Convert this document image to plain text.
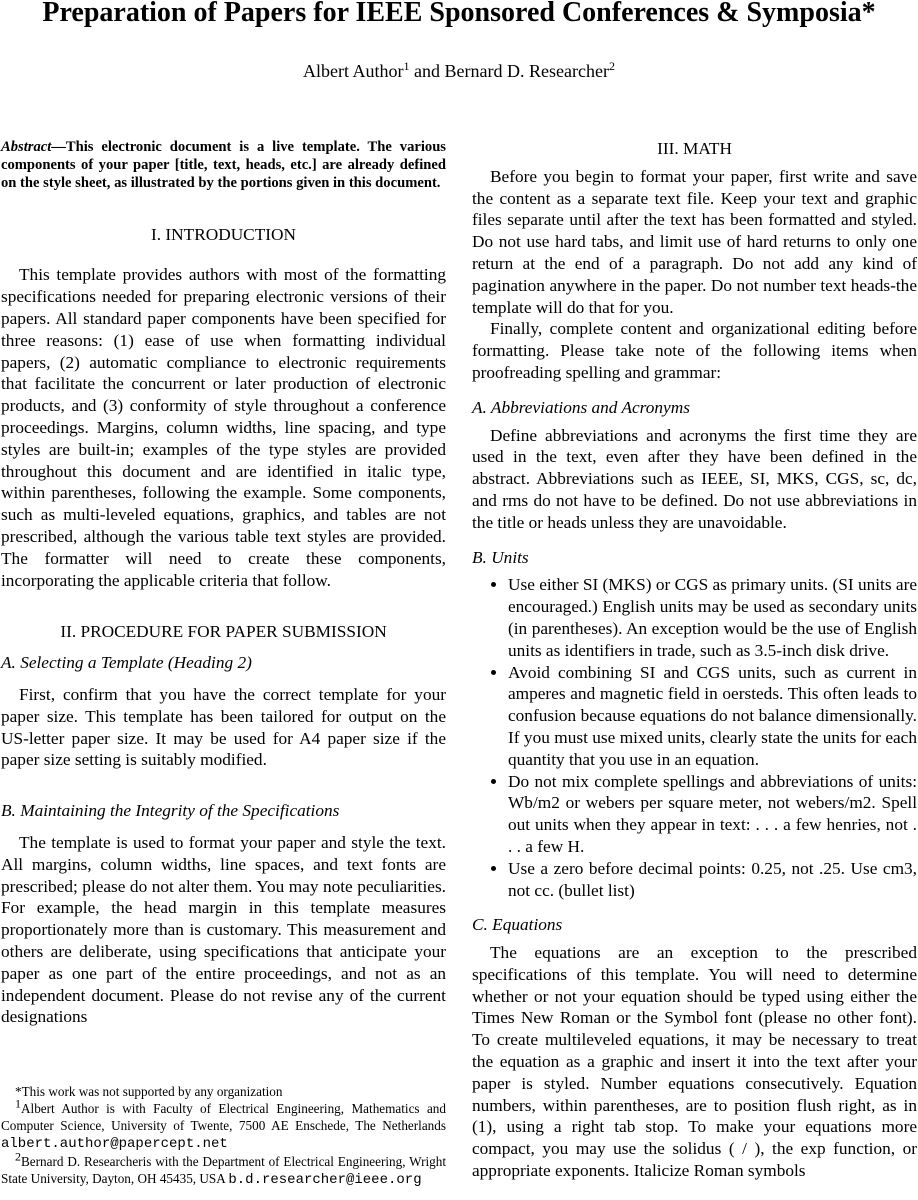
Preparation of Papers for IEEE Sponsored Conferences & Symposia*
Albert Author$^1$ and Bernard D. Researcher$^2$

Abstract—This electronic document is a live template. The various components of your paper [title, text, heads, etc.] are already defined on the style sheet, as illustrated by the portions given in this document.

I. INTRODUCTION

This template provides authors with most of the formatting specifications needed for preparing electronic versions of their papers. All standard paper components have been specified for three reasons: (1) ease of use when formatting individual papers, (2) automatic compliance to electronic requirements that facilitate the concurrent or later production of electronic products, and (3) conformity of style throughout a conference proceedings. Margins, column widths, line spacing, and type styles are built-in; examples of the type styles are provided throughout this document and are identified in italic type, within parentheses, following the example. Some components, such as multi-leveled equations, graphics, and tables are not prescribed, although the various table text styles are provided. The formatter will need to create these components, incorporating the applicable criteria that follow.

II. PROCEDURE FOR PAPER SUBMISSION
A. Selecting a Template (Heading 2)

First, confirm that you have the correct template for your paper size. This template has been tailored for output on the US-letter paper size. It may be used for A4 paper size if the paper size setting is suitably modified.

B. Maintaining the Integrity of the Specifications

The template is used to format your paper and style the text. All margins, column widths, line spaces, and text fonts are prescribed; please do not alter them. You may note peculiarities. For example, the head margin in this template measures proportionately more than is customary. This measurement and others are deliberate, using specifications that anticipate your paper as one part of the entire proceedings, and not as an independent document. Please do not revise any of the current designations

*This work was not supported by any organization

$^1$Albert Author is with Faculty of Electrical Engineering, Mathematics and Computer Science, University of Twente, 7500 AE Enschede, The Netherlands albert.author@papercept.net

$^2$Bernard D. Researcheris with the Department of Electrical Engineering, Wright State University, Dayton, OH 45435, USA b.d.researcher@ieee.org

III. MATH

Before you begin to format your paper, first write and save the content as a separate text file. Keep your text and graphic files separate until after the text has been formatted and styled. Do not use hard tabs, and limit use of hard returns to only one return at the end of a paragraph. Do not add any kind of pagination anywhere in the paper. Do not number text heads-the template will do that for you.

Finally, complete content and organizational editing before formatting. Please take note of the following items when proofreading spelling and grammar:

A. Abbreviations and Acronyms

Define abbreviations and acronyms the first time they are used in the text, even after they have been defined in the abstract. Abbreviations such as IEEE, SI, MKS, CGS, sc, dc, and rms do not have to be defined. Do not use abbreviations in the title or heads unless they are unavoidable.

B. Units
• Use either SI (MKS) or CGS as primary units. (SI units are encouraged.) English units may be used as secondary units (in parentheses). An exception would be the use of English units as identifiers in trade, such as 3.5-inch disk drive.
• Avoid combining SI and CGS units, such as current in amperes and magnetic field in oersteds. This often leads to confusion because equations do not balance dimensionally. If you must use mixed units, clearly state the units for each quantity that you use in an equation.
• Do not mix complete spellings and abbreviations of units: Wb/m2 or webers per square meter, not webers/m2. Spell out units when they appear in text: . . . a few henries, not . . . a few H.
• Use a zero before decimal points: 0.25, not .25. Use cm3, not cc. (bullet list)
C. Equations

The equations are an exception to the prescribed specifications of this template. You will need to determine whether or not your equation should be typed using either the Times New Roman or the Symbol font (please no other font). To create multileveled equations, it may be necessary to treat the equation as a graphic and insert it into the text after your paper is styled. Number equations consecutively. Equation numbers, within parentheses, are to position flush right, as in (1), using a right tab stop. To make your equations more compact, you may use the solidus ( / ), the exp function, or appropriate exponents. Italicize Roman symbols
